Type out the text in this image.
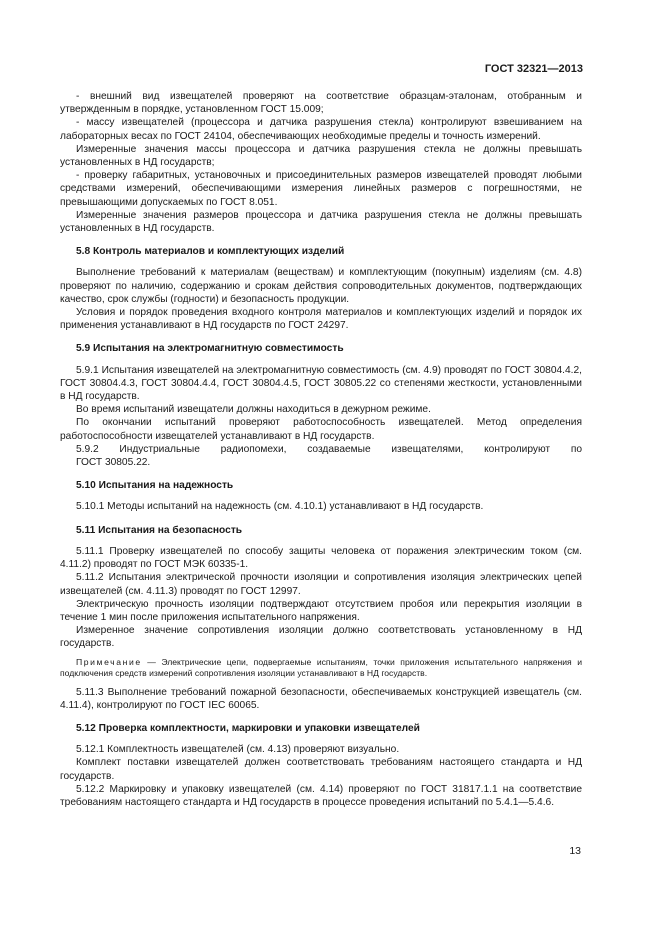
ГОСТ 32321—2013

- внешний вид извещателей проверяют на соответствие образцам-эталонам, отобранным и утвержденным в порядке, установленном ГОСТ 15.009;

- массу извещателей (процессора и датчика разрушения стекла) контролируют взвешиванием на лабораторных весах по ГОСТ 24104, обеспечивающих необходимые пределы и точность измерений.

Измеренные значения массы процессора и датчика разрушения стекла не должны превышать установленных в НД государств;

- проверку габаритных, установочных и присоединительных размеров извещателей проводят любыми средствами измерений, обеспечивающими измерения линейных размеров с погрешностями, не превышающими допускаемых по ГОСТ 8.051.

Измеренные значения размеров процессора и датчика разрушения стекла не должны превышать установленных в НД государств.

5.8 Контроль материалов и комплектующих изделий

Выполнение требований к материалам (веществам) и комплектующим (покупным) изделиям (см. 4.8) проверяют по наличию, содержанию и срокам действия сопроводительных документов, подтверждающих качество, срок службы (годности) и безопасность продукции.

Условия и порядок проведения входного контроля материалов и комплектующих изделий и порядок их применения устанавливают в НД государств по ГОСТ 24297.

5.9 Испытания на электромагнитную совместимость

5.9.1 Испытания извещателей на электромагнитную совместимость (см. 4.9) проводят по ГОСТ 30804.4.2, ГОСТ 30804.4.3, ГОСТ 30804.4.4, ГОСТ 30804.4.5, ГОСТ 30805.22 со степенями жесткости, установленными в НД государств.

Во время испытаний извещатели должны находиться в дежурном режиме.

По окончании испытаний проверяют работоспособность извещателей. Метод определения работоспособности извещателей устанавливают в НД государств.

5.9.2 Индустриальные радиопомехи, создаваемые извещателями, контролируют по

ГОСТ 30805.22.

5.10 Испытания на надежность

5.10.1 Методы испытаний на надежность (см. 4.10.1) устанавливают в НД государств.

5.11 Испытания на безопасность

5.11.1 Проверку извещателей по способу защиты человека от поражения электрическим током (см. 4.11.2) проводят по ГОСТ МЭК 60335-1.

5.11.2 Испытания электрической прочности изоляции и сопротивления изоляция электрических цепей извещателей (см. 4.11.3) проводят по ГОСТ 12997.

Электрическую прочность изоляции подтверждают отсутствием пробоя или перекрытия изоляции в течение 1 мин после приложения испытательного напряжения.

Измеренное значение сопротивления изоляции должно соответствовать установленному в НД государств.

Примечание — Электрические цепи, подвергаемые испытаниям, точки приложения испытательного напряжения и подключения средств измерений сопротивления изоляции устанавливают в НД государств.

5.11.3 Выполнение требований пожарной безопасности, обеспечиваемых конструкцией извещатель (см. 4.11.4), контролируют по ГОСТ IEC 60065.

5.12 Проверка комплектности, маркировки и упаковки извещателей

5.12.1 Комплектность извещателей (см. 4.13) проверяют визуально.

Комплект поставки извещателей должен соответствовать требованиям настоящего стандарта и НД государств.

5.12.2 Маркировку и упаковку извещателей (см. 4.14) проверяют по ГОСТ 31817.1.1 на соответствие требованиям настоящего стандарта и НД государств в процессе проведения испытаний по 5.4.1—5.4.6.

13
